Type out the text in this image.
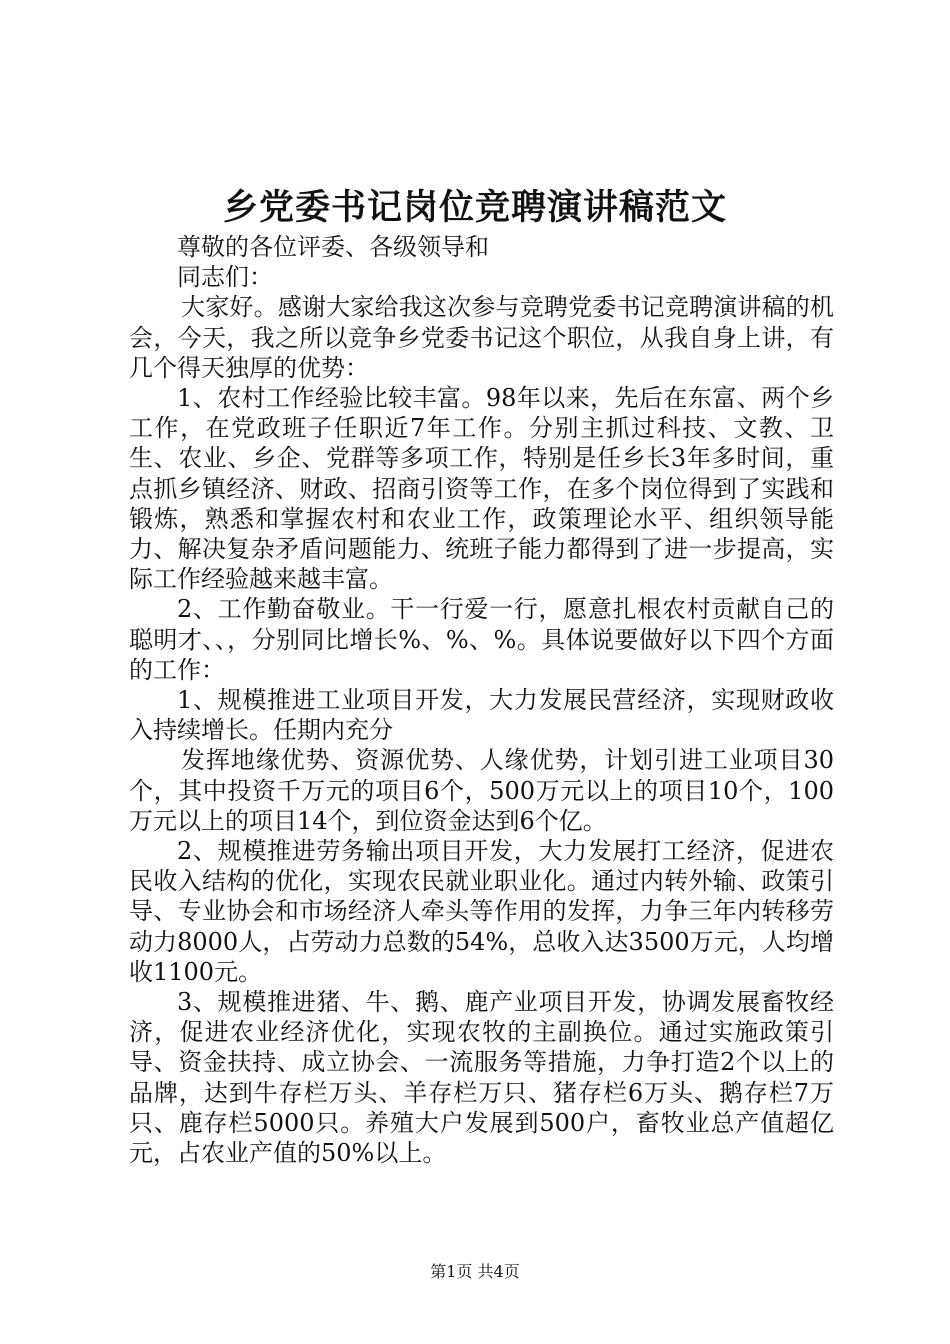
乡党委书记岗位竞聘演讲稿范文

尊敬的各位评委、各级领导和

同志们：

大家好。感谢大家给我这次参与竞聘党委书记竞聘演讲稿的机会，今天，我之所以竞争乡党委书记这个职位，从我自身上讲，有几个得天独厚的优势：

1、农村工作经验比较丰富。98年以来，先后在东富、两个乡工作，在党政班子任职近7年工作。分别主抓过科技、文教、卫生、农业、乡企、党群等多项工作，特别是任乡长3年多时间，重点抓乡镇经济、财政、招商引资等工作，在多个岗位得到了实践和锻炼，熟悉和掌握农村和农业工作，政策理论水平、组织领导能力、解决复杂矛盾问题能力、统班子能力都得到了进一步提高，实际工作经验越来越丰富。

2、工作勤奋敬业。干一行爱一行，愿意扎根农村贡献自己的聪明才、、，分别同比增长%、%、%。具体说要做好以下四个方面的工作：

1、规模推进工业项目开发，大力发展民营经济，实现财政收入持续增长。任期内充分

发挥地缘优势、资源优势、人缘优势，计划引进工业项目30个，其中投资千万元的项目6个，500万元以上的项目10个，100万元以上的项目14个，到位资金达到6个亿。

2、规模推进劳务输出项目开发，大力发展打工经济，促进农民收入结构的优化，实现农民就业职业化。通过内转外输、政策引导、专业协会和市场经济人牵头等作用的发挥，力争三年内转移劳动力8000人，占劳动力总数的54%，总收入达3500万元，人均增收1100元。

3、规模推进猪、牛、鹅、鹿产业项目开发，协调发展畜牧经济，促进农业经济优化，实现农牧的主副换位。通过实施政策引导、资金扶持、成立协会、一流服务等措施，力争打造2个以上的品牌，达到牛存栏万头、羊存栏万只、猪存栏6万头、鹅存栏7万只、鹿存栏5000只。养殖大户发展到500户，畜牧业总产值超亿元，占农业产值的50%以上。

第1页 共4页
